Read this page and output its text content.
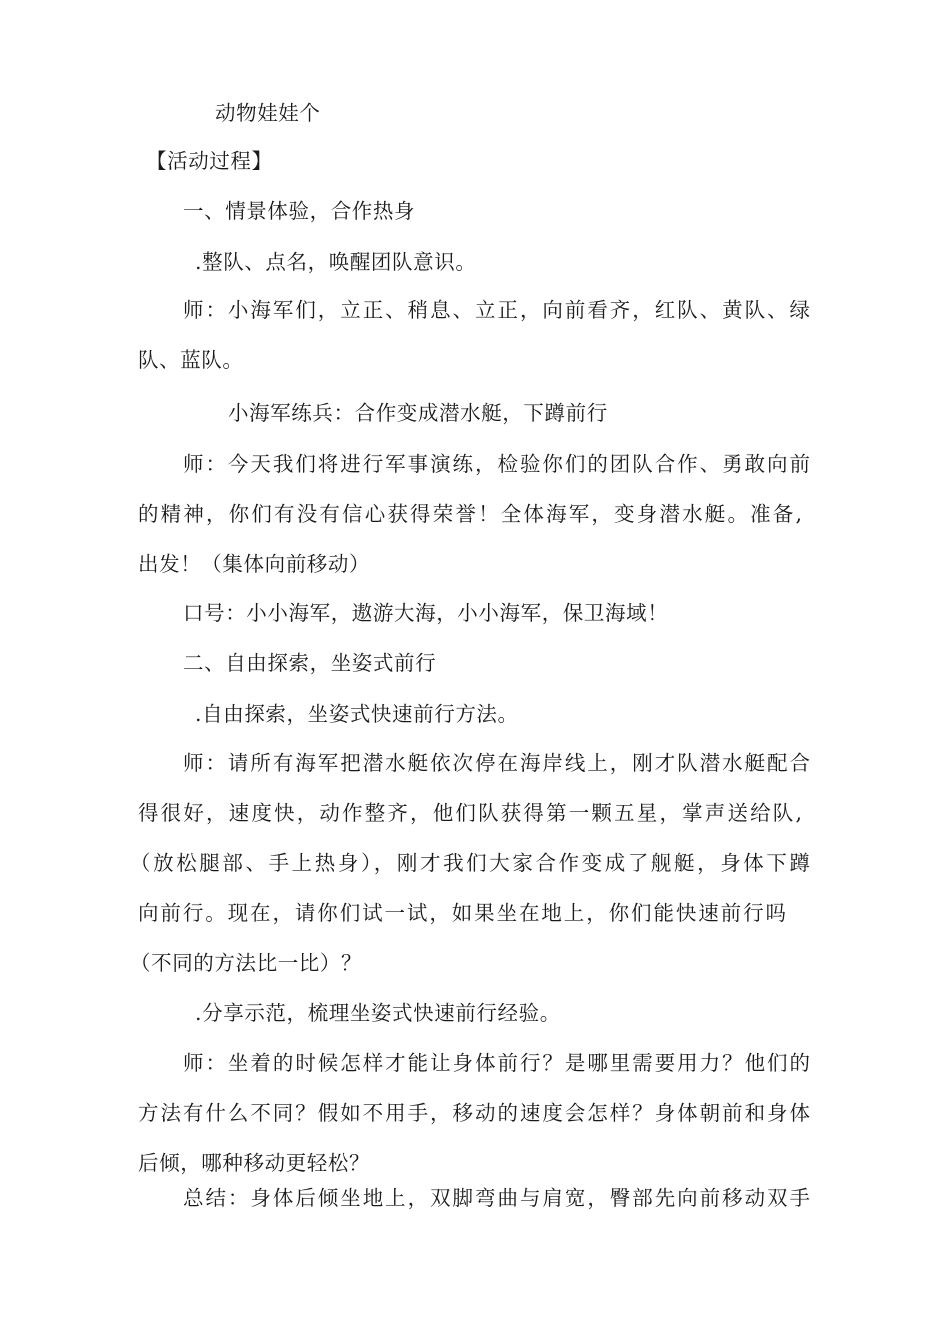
动物娃娃个
【活动过程】
一、情景体验，合作热身
.整队、点名，唤醒团队意识。
师：小海军们，立正、稍息、立正，向前看齐，红队、黄队、绿
队、蓝队。
小海军练兵：合作变成潜水艇，下蹲前行
师：今天我们将进行军事演练，检验你们的团队合作、勇敢向前
的精神，你们有没有信心获得荣誉！全体海军，变身潜水艇。准备,
出发！（集体向前移动）
口号：小小海军，遨游大海，小小海军，保卫海域！
二、自由探索，坐姿式前行
.自由探索，坐姿式快速前行方法。
师：请所有海军把潜水艇依次停在海岸线上，刚才队潜水艇配合
得很好，速度快，动作整齐，他们队获得第一颗五星，掌声送给队,
（放松腿部、手上热身），刚才我们大家合作变成了舰艇，身体下蹲
向前行。现在，请你们试一试，如果坐在地上，你们能快速前行吗
（不同的方法比一比）？
.分享示范，梳理坐姿式快速前行经验。
师：坐着的时候怎样才能让身体前行？是哪里需要用力？他们的
方法有什么不同？假如不用手，移动的速度会怎样？身体朝前和身体
后倾，哪种移动更轻松？
总结：身体后倾坐地上，双脚弯曲与肩宽，臀部先向前移动双手
